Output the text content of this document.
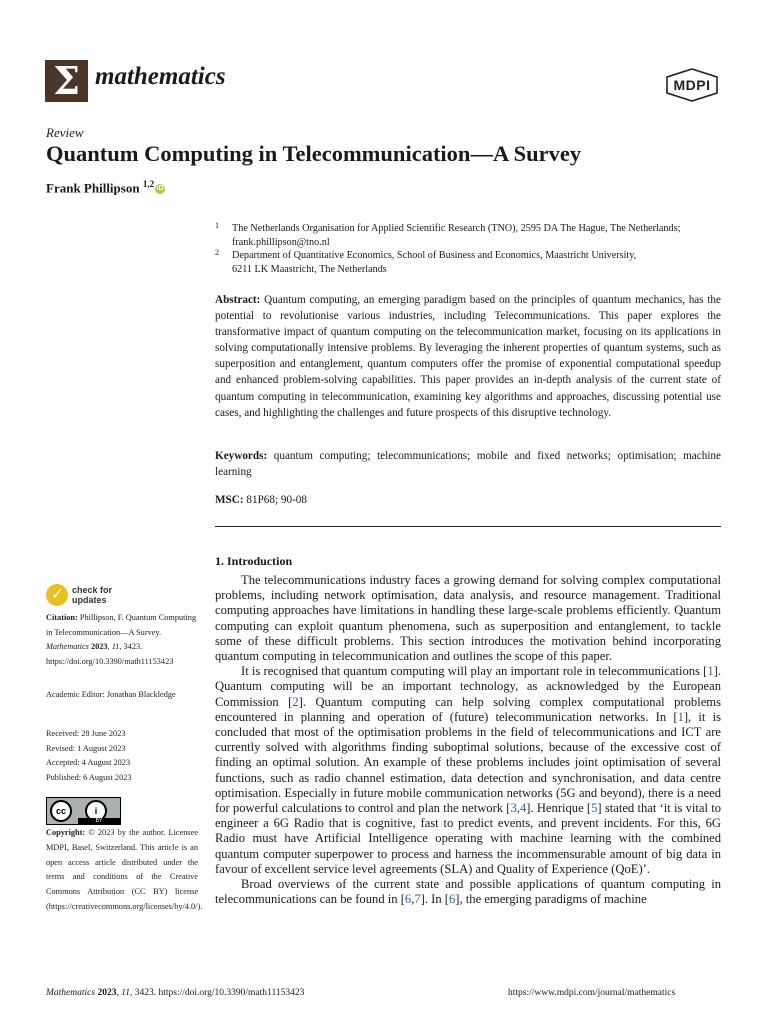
Σ mathematics	MDPI
Review
Quantum Computing in Telecommunication—A Survey
Frank Phillipson $^{1,2}$ iD
1 The Netherlands Organisation for Applied Scientific Research (TNO), 2595 DA The Hague, The Netherlands;
frank.phillipson@tno.nl
2 Department of Quantitative Economics, School of Business and Economics, Maastricht University,
6211 LK Maastricht, The Netherlands
Abstract: Quantum computing, an emerging paradigm based on the principles of quantum mechanics, has the potential to revolutionise various industries, including Telecommunications. This paper explores the transformative impact of quantum computing on the telecommunication market, focusing on its applications in solving computationally intensive problems. By leveraging the inherent properties of quantum systems, such as superposition and entanglement, quantum computers offer the promise of exponential computational speedup and enhanced problem-solving capabilities. This paper provides an in-depth analysis of the current state of quantum computing in telecommunication, examining key algorithms and approaches, discussing potential use cases, and highlighting the challenges and future prospects of this disruptive technology.
Keywords: quantum computing; telecommunications; mobile and fixed networks; optimisation; machine learning
MSC: 81P68; 90-08
1. Introduction

The telecommunications industry faces a growing demand for solving complex computational problems, including network optimisation, data analysis, and resource management. Traditional computing approaches have limitations in handling these large-scale problems efficiently. Quantum computing can exploit quantum phenomena, such as superposition and entanglement, to tackle some of these difficult problems. This section introduces the motivation behind incorporating quantum computing in telecommunication and outlines the scope of this paper.

It is recognised that quantum computing will play an important role in telecommunications [1]. Quantum computing will be an important technology, as acknowledged by the European Commission [2]. Quantum computing can help solving complex computational problems encountered in planning and operation of (future) telecommunication networks. In [1], it is concluded that most of the optimisation problems in the field of telecommunications and ICT are currently solved with algorithms finding suboptimal solutions, because of the excessive cost of finding an optimal solution. An example of these problems includes joint optimisation of several functions, such as radio channel estimation, data detection and synchronisation, and data centre optimisation. Especially in future mobile communication networks (5G and beyond), there is a need for powerful calculations to control and plan the network [3,4]. Henrique [5] stated that ‘it is vital to engineer a 6G Radio that is cognitive, fast to predict events, and prevent incidents. For this, 6G Radio must have Artificial Intelligence operating with machine learning with the combined quantum computer superpower to process and harness the incommensurable amount of big data in favour of excellent service level agreements (SLA) and Quality of Experience (QoE)’.

Broad overviews of the current state and possible applications of quantum computing in telecommunications can be found in [6,7]. In [6], the emerging paradigms of machine

✓ check for
updates
Citation: Phillipson, F. Quantum Computing in Telecommunication—A Survey. Mathematics 2023, 11, 3423. https://doi.org/10.3390/math11153423
Academic Editor: Jonathan Blackledge
Received: 28 June 2023
Revised: 1 August 2023
Accepted: 4 August 2023
Published: 6 August 2023
cc	i
BY
Copyright: © 2023 by the author. Licensee MDPI, Basel, Switzerland. This article is an open access article distributed under the terms and conditions of the Creative Commons Attribution (CC BY) license (https://creativecommons.org/licenses/by/4.0/).
Mathematics 2023, 11, 3423. https://doi.org/10.3390/math11153423	https://www.mdpi.com/journal/mathematics
